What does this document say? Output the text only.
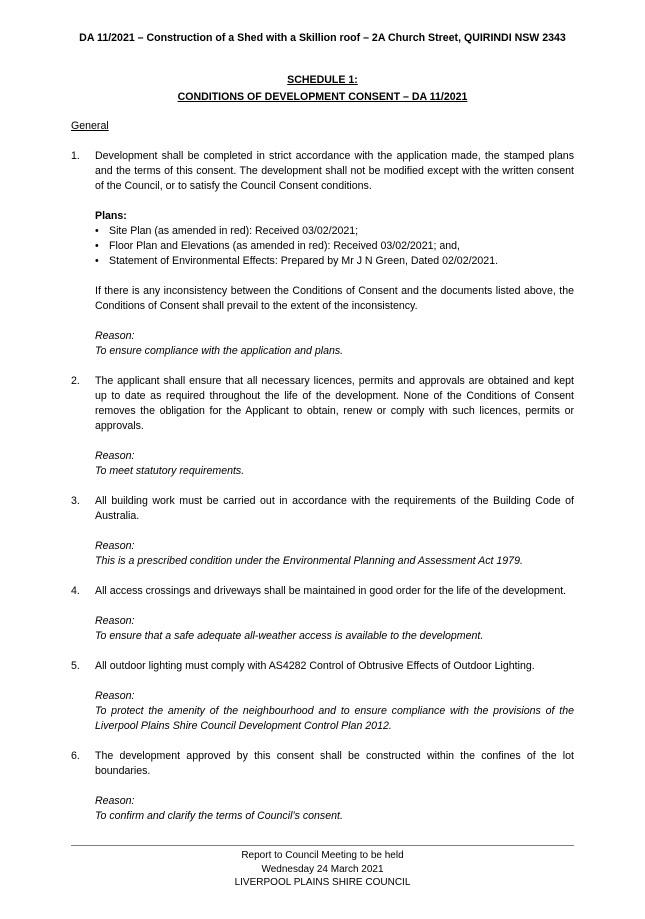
DA 11/2021 – Construction of a Shed with a Skillion roof – 2A Church Street, QUIRINDI NSW 2343
SCHEDULE 1:
CONDITIONS OF DEVELOPMENT CONSENT – DA 11/2021
General
1. Development shall be completed in strict accordance with the application made, the stamped plans and the terms of this consent. The development shall not be modified except with the written consent of the Council, or to satisfy the Council Consent conditions.

Plans:

• Site Plan (as amended in red): Received 03/02/2021;
• Floor Plan and Elevations (as amended in red): Received 03/02/2021; and,
• Statement of Environmental Effects: Prepared by Mr J N Green, Dated 02/02/2021.

If there is any inconsistency between the Conditions of Consent and the documents listed above, the Conditions of Consent shall prevail to the extent of the inconsistency.

Reason:

To ensure compliance with the application and plans.

2. The applicant shall ensure that all necessary licences, permits and approvals are obtained and kept up to date as required throughout the life of the development. None of the Conditions of Consent removes the obligation for the Applicant to obtain, renew or comply with such licences, permits or approvals.

Reason:

To meet statutory requirements.

3. All building work must be carried out in accordance with the requirements of the Building Code of Australia.

Reason:

This is a prescribed condition under the Environmental Planning and Assessment Act 1979.

4. All access crossings and driveways shall be maintained in good order for the life of the development.

Reason:

To ensure that a safe adequate all-weather access is available to the development.

5. All outdoor lighting must comply with AS4282 Control of Obtrusive Effects of Outdoor Lighting.

Reason:

To protect the amenity of the neighbourhood and to ensure compliance with the provisions of the Liverpool Plains Shire Council Development Control Plan 2012.

6. The development approved by this consent shall be constructed within the confines of the lot boundaries.

Reason:

To confirm and clarify the terms of Council’s consent.

Report to Council Meeting to be held
Wednesday 24 March 2021
LIVERPOOL PLAINS SHIRE COUNCIL
